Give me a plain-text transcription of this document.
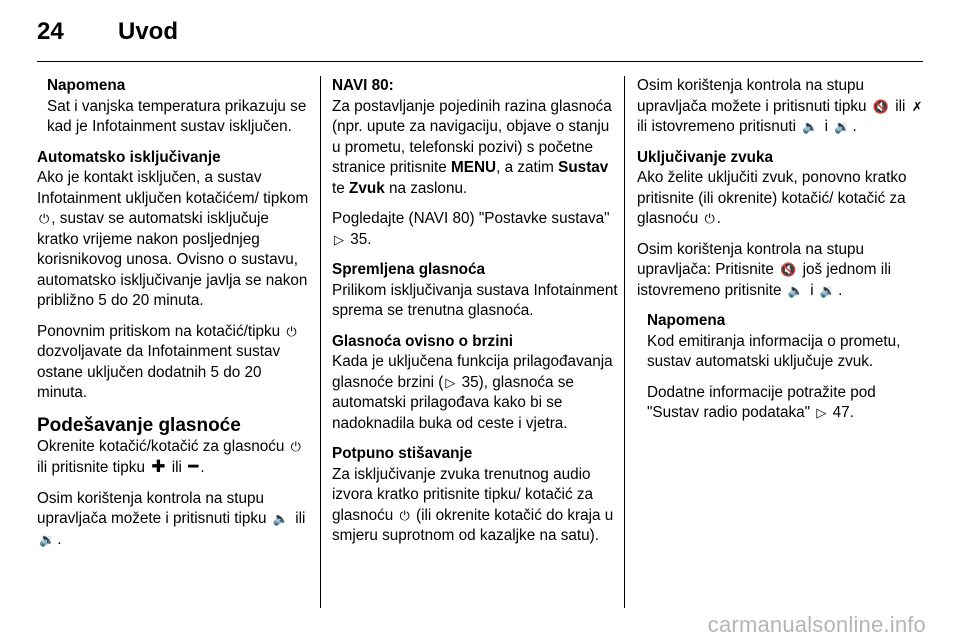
24 Uvod
Napomena
Sat i vanjska temperatura prikazuju se kad je Infotainment sustav isključen.
Automatsko isključivanje
Ako je kontakt isključen, a sustav Infotainment uključen kotačićem/ tipkom ⏻ , sustav se automatski isključuje kratko vrijeme nakon posljednjeg korisnikovog unosa. Ovisno o sustavu, automatsko isključivanje javlja se nakon približno 5 do 20 minuta.
Ponovnim pritiskom na kotačić/tipku ⏻ dozvoljavate da Infotainment sustav ostane uključen dodatnih 5 do 20 minuta.
Podešavanje glasnoće
Okrenite kotačić/kotačić za glasnoću ⏻ ili pritisnite tipku ✚ ili ━ .
Osim korištenja kontrola na stupu upravljača možete i pritisnuti tipku 🔈 ili 🔉 .
NAVI 80:
Za postavljanje pojedinih razina glasnoća (npr. upute za navigaciju, objave o stanju u prometu, telefonski pozivi) s početne stranice pritisnite MENU, a zatim Sustav te Zvuk na zaslonu.
Pogledajte (NAVI 80) "Postavke sustava" ▷ 35.
Spremljena glasnoća
Prilikom isključivanja sustava Infotainment sprema se trenutna glasnoća.
Glasnoća ovisno o brzini
Kada je uključena funkcija prilagođavanja glasnoće brzini ( ▷ 35), glasnoća se automatski prilagođava kako bi se nadoknadila buka od ceste i vjetra.
Potpuno stišavanje
Za isključivanje zvuka trenutnog audio izvora kratko pritisnite tipku/ kotačić za glasnoću ⏻ (ili okrenite kotačić do kraja u smjeru suprotnom od kazaljke na satu).
Osim korištenja kontrola na stupu upravljača možete i pritisnuti tipku 🔇 ili ✗ ili istovremeno pritisnuti 🔈 i 🔉 .
Uključivanje zvuka
Ako želite uključiti zvuk, ponovno kratko pritisnite (ili okrenite) kotačić/ kotačić za glasnoću ⏻ .
Osim korištenja kontrola na stupu upravljača: Pritisnite 🔇 još jednom ili istovremeno pritisnite 🔈 i 🔉 .
Napomena
Kod emitiranja informacija o prometu, sustav automatski uključuje zvuk.
Dodatne informacije potražite pod "Sustav radio podataka" ▷ 47.
carmanualsonline.info
